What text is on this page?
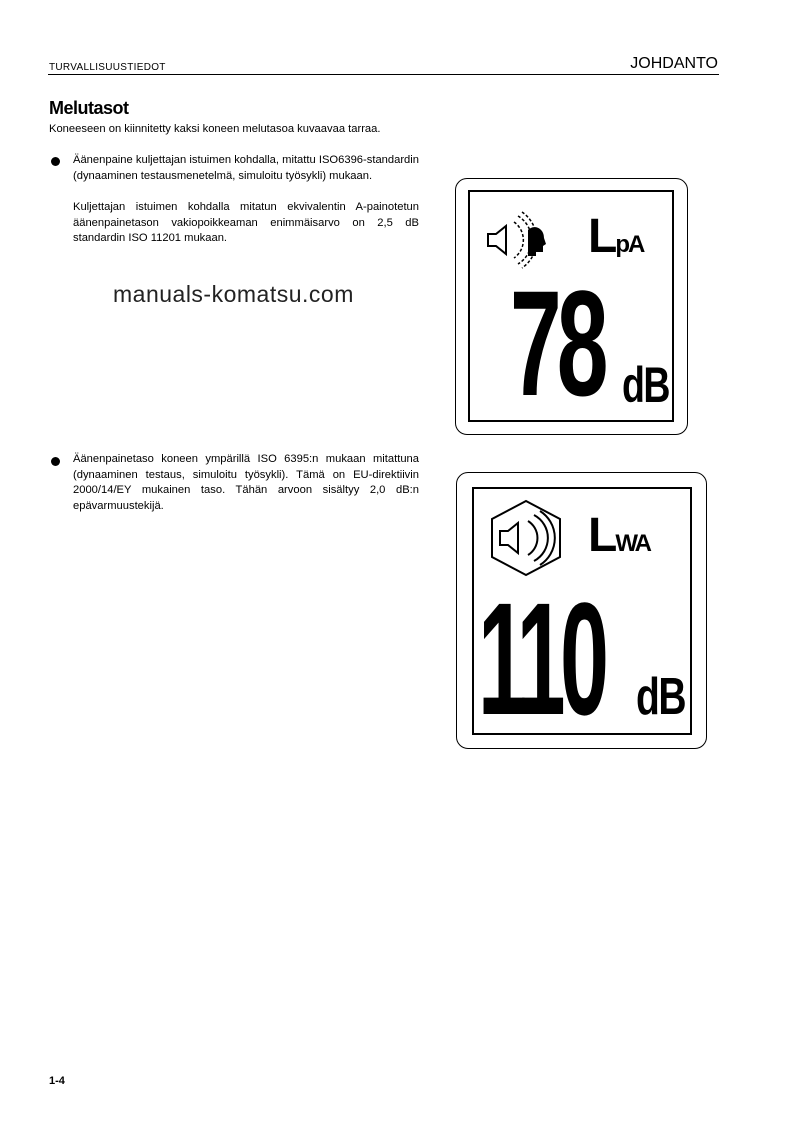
TURVALLISUUSTIEDOT	JOHDANTO
Melutasot
Koneeseen on kiinnitetty kaksi koneen melutasoa kuvaavaa tarraa.
Äänenpaine kuljettajan istuimen kohdalla, mitattu ISO6396-standardin (dynaaminen testausmenetelmä, simuloitu työsykli) mukaan.
Kuljettajan istuimen kohdalla mitatun ekvivalentin A-painotetun äänenpainetason vakiopoikkeaman enimmäisarvo on 2,5 dB standardin ISO 11201 mukaan.
manuals-komatsu.com
Äänenpainetaso koneen ympärillä ISO 6395:n mukaan mitattuna (dynaaminen testaus, simuloitu työsykli). Tämä on EU-direktiivin 2000/14/EY mukainen taso. Tähän arvoon sisältyy 2,0 dB:n epävarmuustekijä.
LpA
78 dB
LWA
110 dB
1-4
